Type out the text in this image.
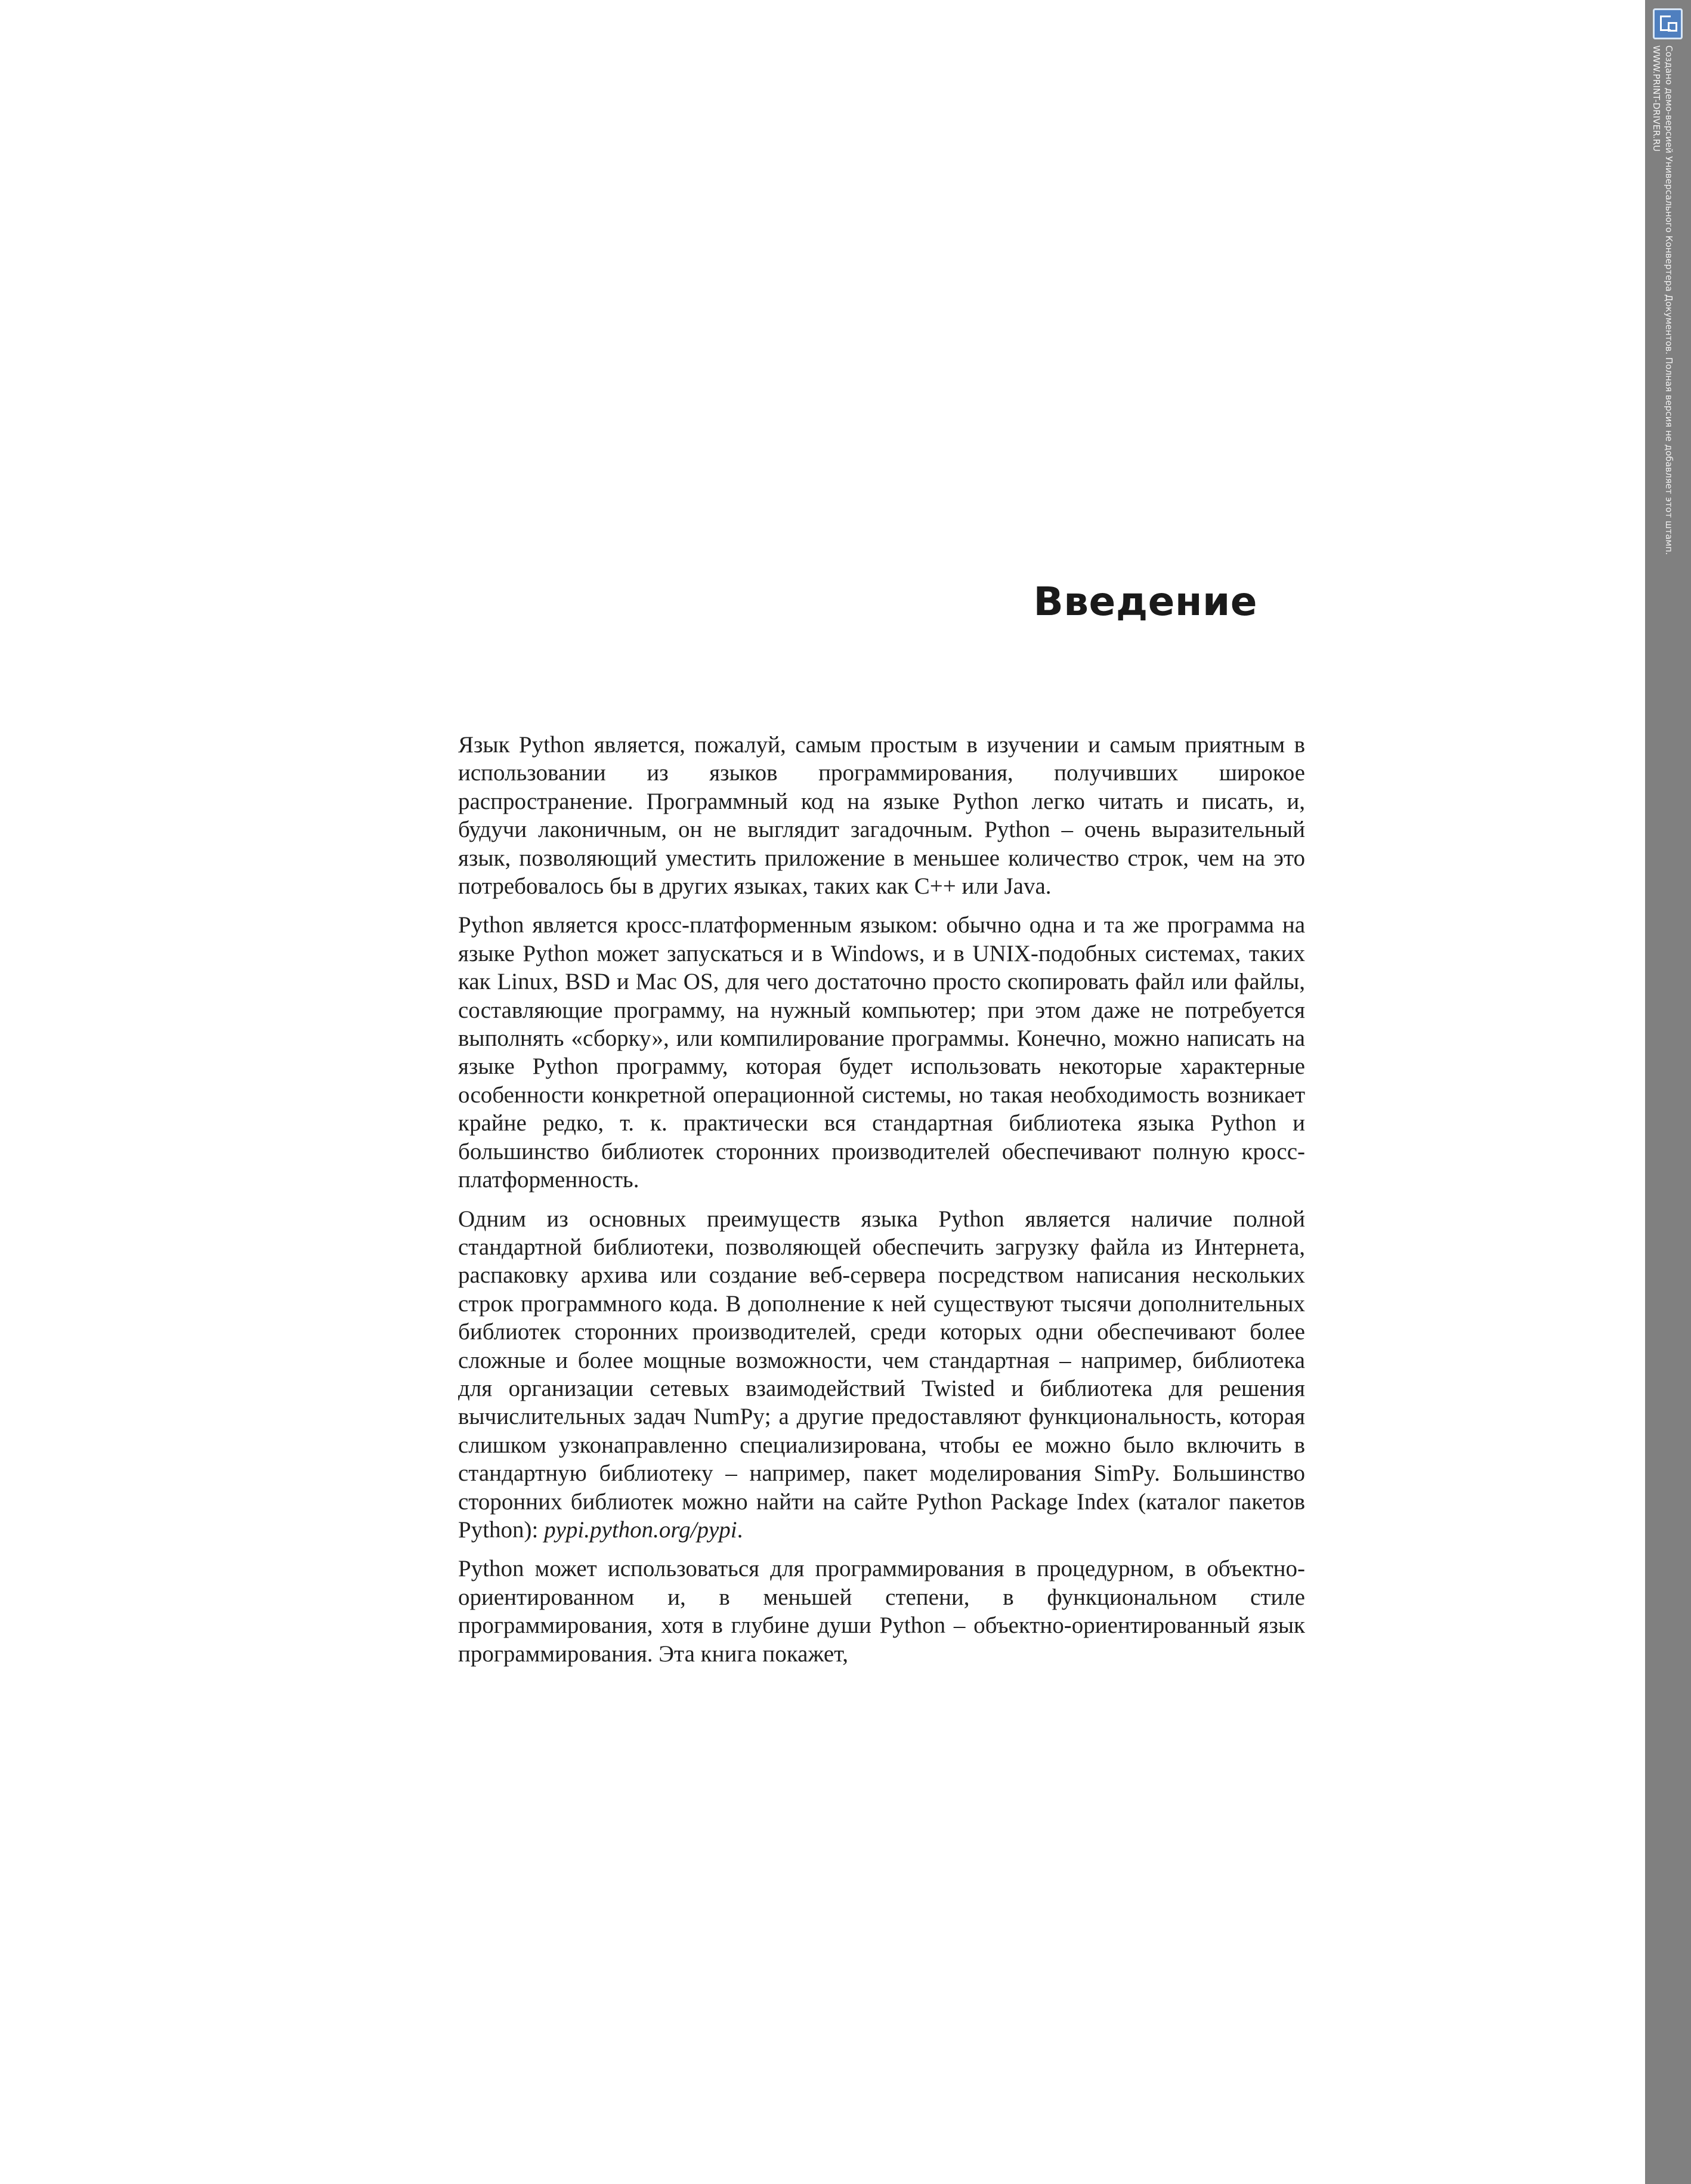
Введение

Язык Python является, пожалуй, самым простым в изучении и самым приятным в использовании из языков программирования, получивших широкое распространение. Программный код на языке Python легко читать и писать, и, будучи лаконичным, он не выглядит загадочным. Python – очень выразительный язык, позволяющий уместить приложение в меньшее количество строк, чем на это потребовалось бы в других языках, таких как C++ или Java.

Python является кросс-платформенным языком: обычно одна и та же программа на языке Python может запускаться и в Windows, и в UNIX-подобных системах, таких как Linux, BSD и Mac OS, для чего достаточно просто скопировать файл или файлы, составляющие программу, на нужный компьютер; при этом даже не потребуется выполнять «сборку», или компилирование программы. Конечно, можно написать на языке Python программу, которая будет использовать некоторые характерные особенности конкретной операционной системы, но такая необходимость возникает крайне редко, т. к. практически вся стандартная библиотека языка Python и большинство библиотек сторонних производителей обеспечивают полную кросс-платформенность.

Одним из основных преимуществ языка Python является наличие полной стандартной библиотеки, позволяющей обеспечить загрузку файла из Интернета, распаковку архива или создание веб-сервера посредством написания нескольких строк программного кода. В дополнение к ней существуют тысячи дополнительных библиотек сторонних производителей, среди которых одни обеспечивают более сложные и более мощные возможности, чем стандартная – например, библиотека для организации сетевых взаимодействий Twisted и библиотека для решения вычислительных задач NumPy; а другие предоставляют функциональность, которая слишком узконаправленно специализирована, чтобы ее можно было включить в стандартную библиотеку – например, пакет моделирования SimPy. Большинство сторонних библиотек можно найти на сайте Python Package Index (каталог пакетов Python): pypi.python.org/pypi.

Python может использоваться для программирования в процедурном, в объектно-ориентированном и, в меньшей степени, в функциональном стиле программирования, хотя в глубине души Python – объектно-ориентированный язык программирования. Эта книга покажет,

Создано демо-версией Универсального Конвертера Документов. Полная версия не добавляет этот штамп.
WWW.PRINT-DRIVER.RU
